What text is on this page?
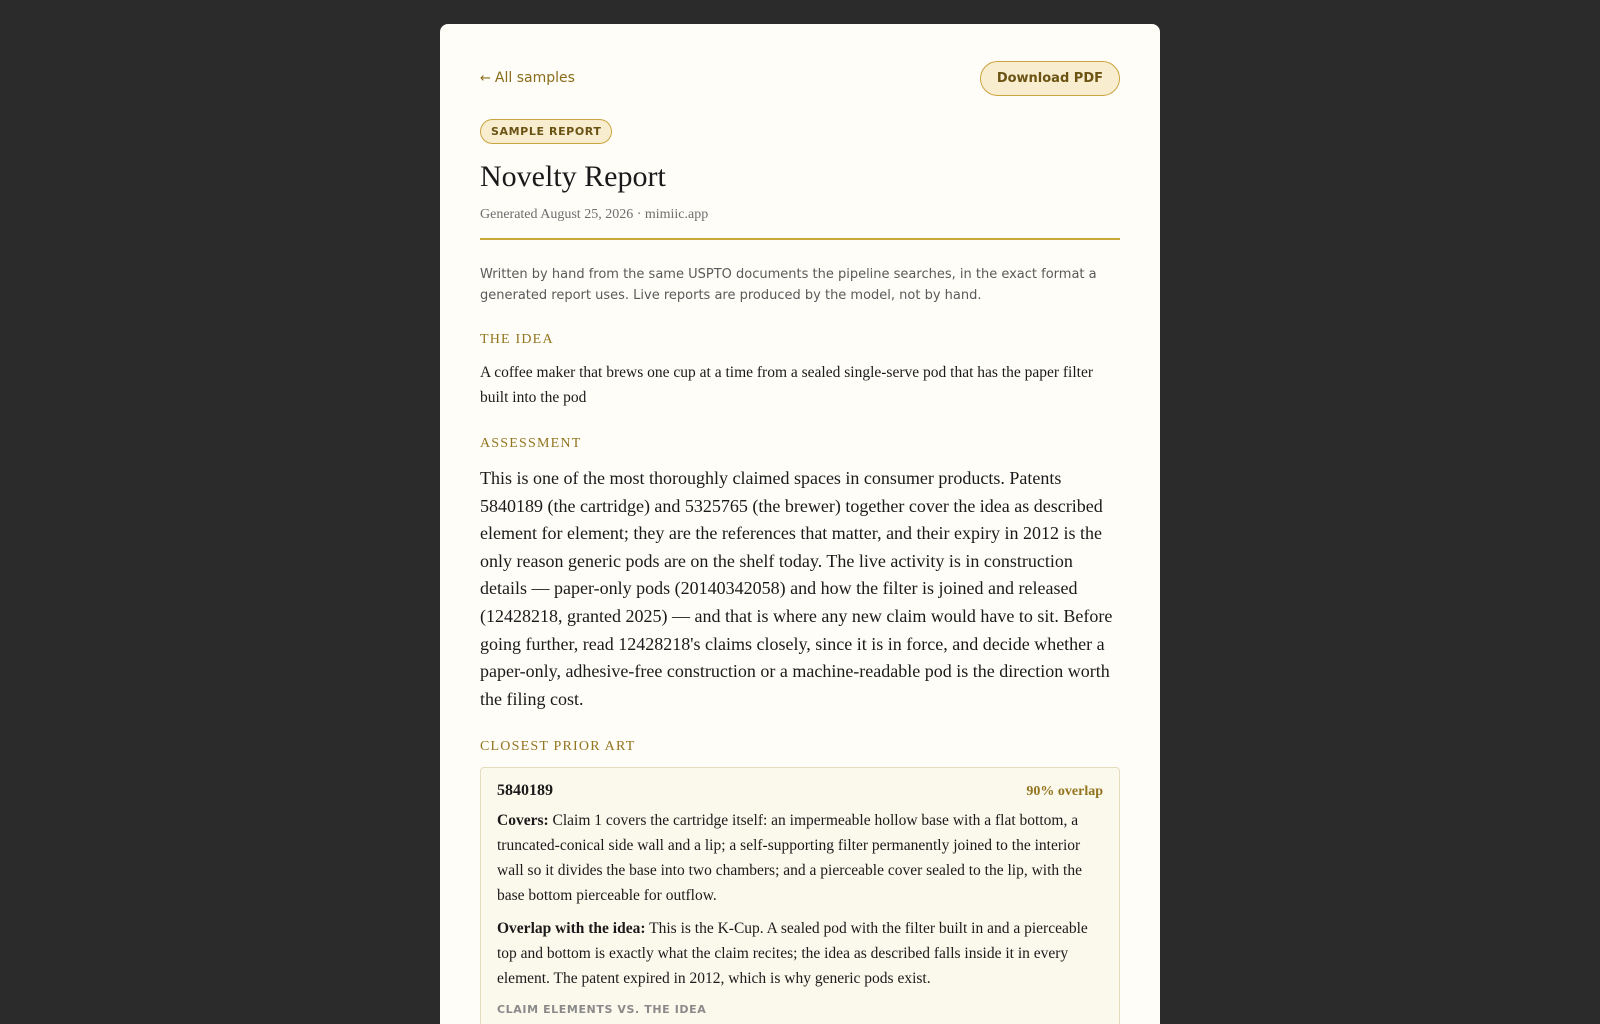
← All samples	Download PDF
SAMPLE REPORT
Novelty Report
Generated August 25, 2026 · mimiic.app
Written by hand from the same USPTO documents the pipeline searches, in the exact format a generated report uses. Live reports are produced by the model, not by hand.
THE IDEA
A coffee maker that brews one cup at a time from a sealed single-serve pod that has the paper filter built into the pod
ASSESSMENT
This is one of the most thoroughly claimed spaces in consumer products. Patents 5840189 (the cartridge) and 5325765 (the brewer) together cover the idea as described element for element; they are the references that matter, and their expiry in 2012 is the only reason generic pods are on the shelf today. The live activity is in construction details — paper-only pods (20140342058) and how the filter is joined and released (12428218, granted 2025) — and that is where any new claim would have to sit. Before going further, read 12428218's claims closely, since it is in force, and decide whether a paper-only, adhesive-free construction or a machine-readable pod is the direction worth the filing cost.
CLOSEST PRIOR ART
5840189	90% overlap
Covers: Claim 1 covers the cartridge itself: an impermeable hollow base with a flat bottom, a truncated-conical side wall and a lip; a self-supporting filter permanently joined to the interior wall so it divides the base into two chambers; and a pierceable cover sealed to the lip, with the base bottom pierceable for outflow.
Overlap with the idea: This is the K-Cup. A sealed pod with the filter built in and a pierceable top and bottom is exactly what the claim recites; the idea as described falls inside it in every element. The patent expired in 2012, which is why generic pods exist.
CLAIM ELEMENTS VS. THE IDEA
